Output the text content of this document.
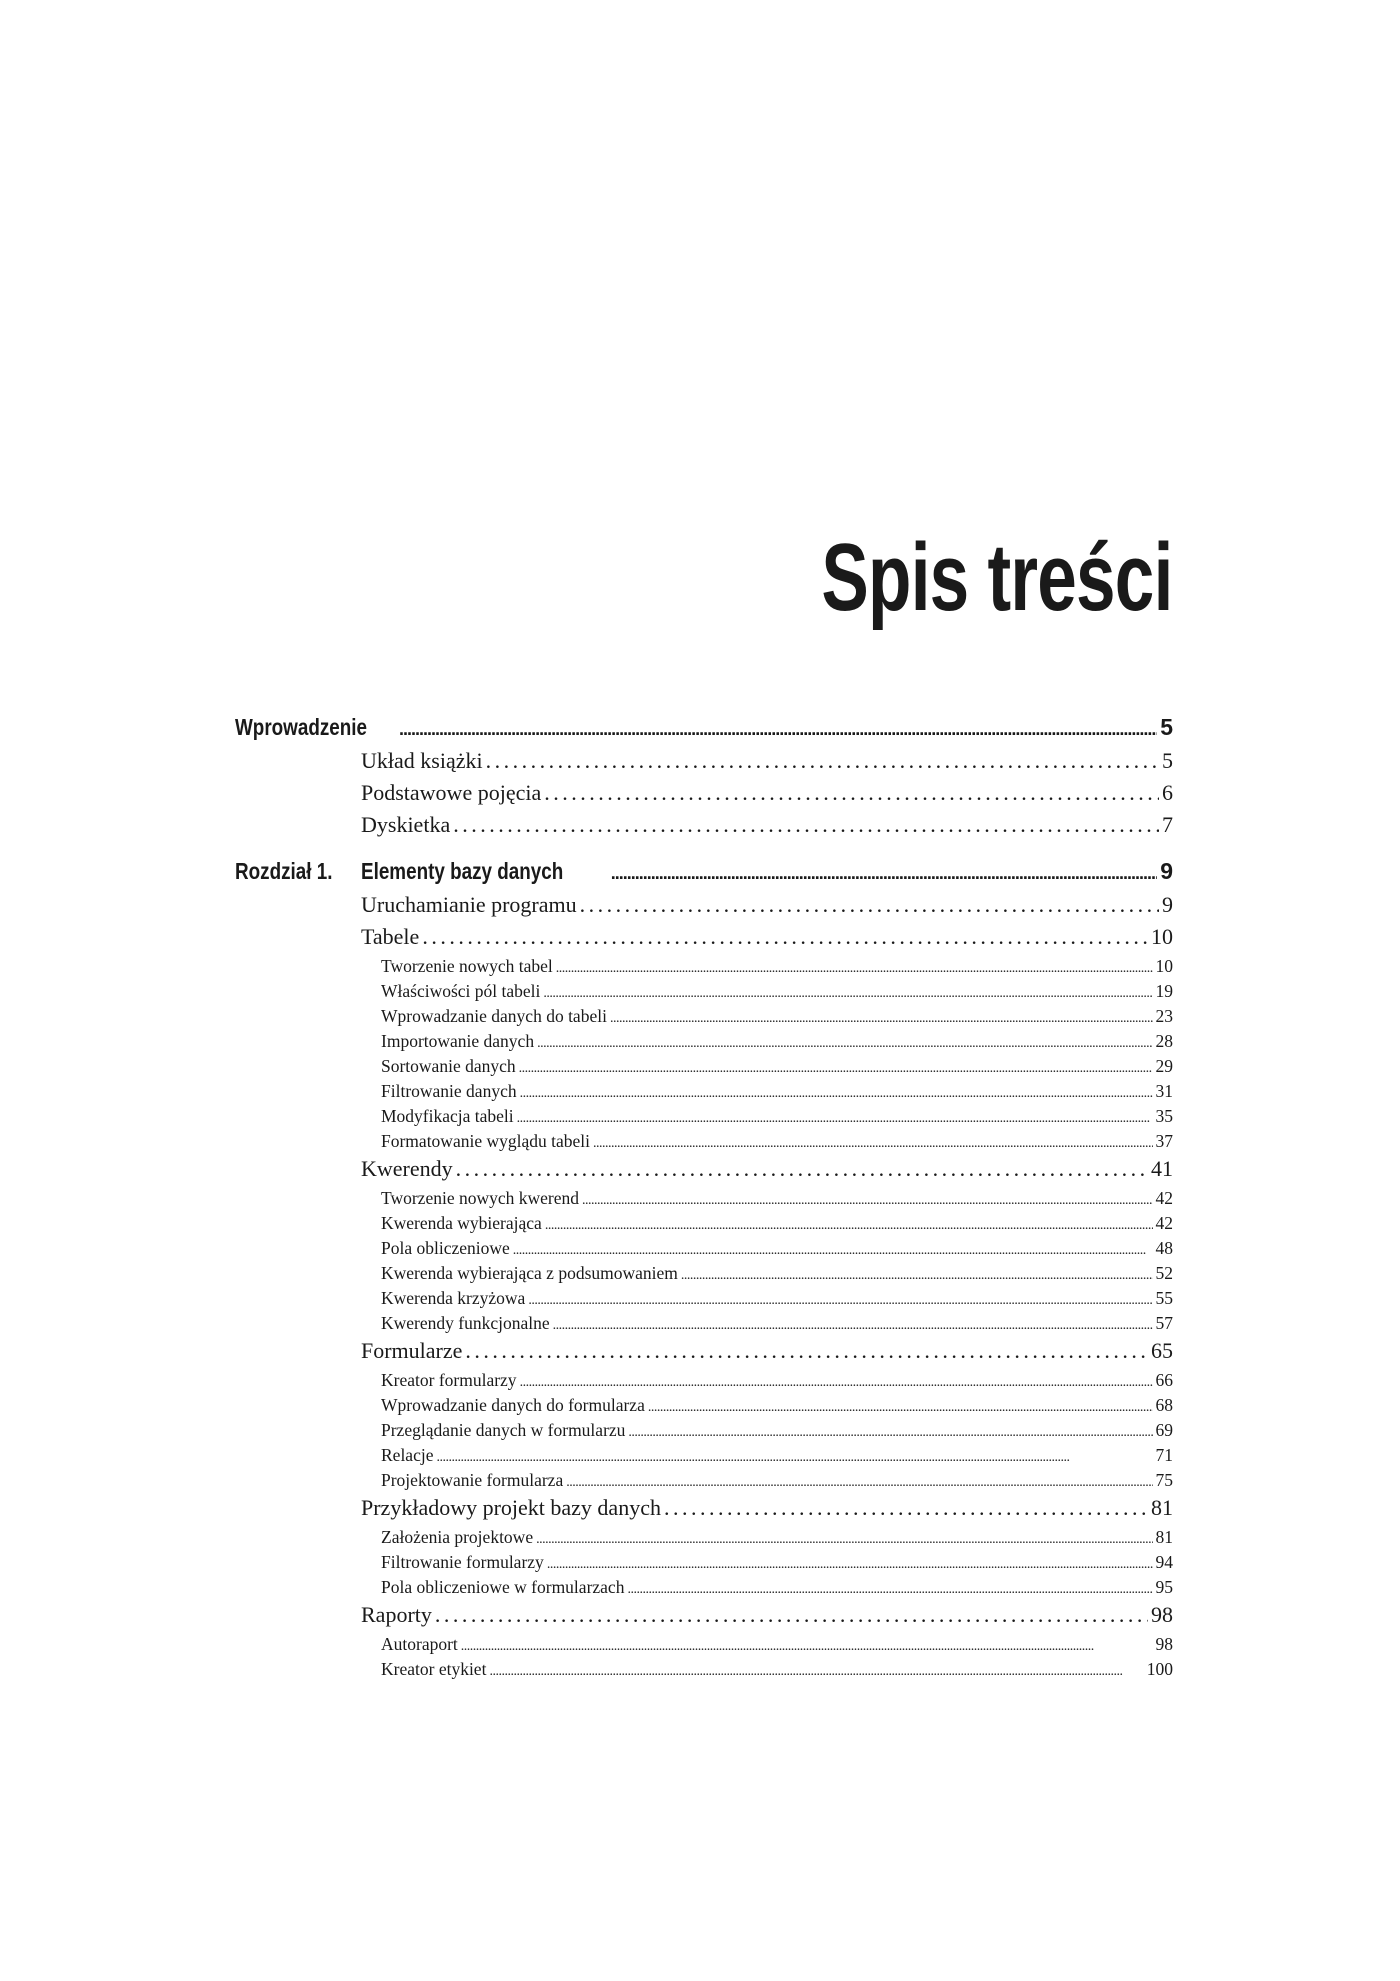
Spis treści
Wprowadzenie . . .	5
Układ książki . . .	5
Podstawowe pojęcia . . .	6
Dyskietka . . .	7
Rozdział 1. Elementy bazy danych . . .	9
Uruchamianie programu . . .	9
Tabele . . .	10
Tworzenie nowych tabel . . .	10
Właściwości pól tabeli . . .	19
Wprowadzanie danych do tabeli . . .	23
Importowanie danych . . .	28
Sortowanie danych . . .	29
Filtrowanie danych . . .	31
Modyfikacja tabeli . . .	35
Formatowanie wyglądu tabeli . . .	37
Kwerendy . . .	41
Tworzenie nowych kwerend . . .	42
Kwerenda wybierająca . . .	42
Pola obliczeniowe . . .	48
Kwerenda wybierająca z podsumowaniem . . .	52
Kwerenda krzyżowa . . .	55
Kwerendy funkcjonalne . . .	57
Formularze . . .	65
Kreator formularzy . . .	66
Wprowadzanie danych do formularza . . .	68
Przeglądanie danych w formularzu . . .	69
Relacje . . .	71
Projektowanie formularza . . .	75
Przykładowy projekt bazy danych . . .	81
Założenia projektowe . . .	81
Filtrowanie formularzy . . .	94
Pola obliczeniowe w formularzach . . .	95
Raporty . . .	98
Autoraport . . .	98
Kreator etykiet . . .	100
